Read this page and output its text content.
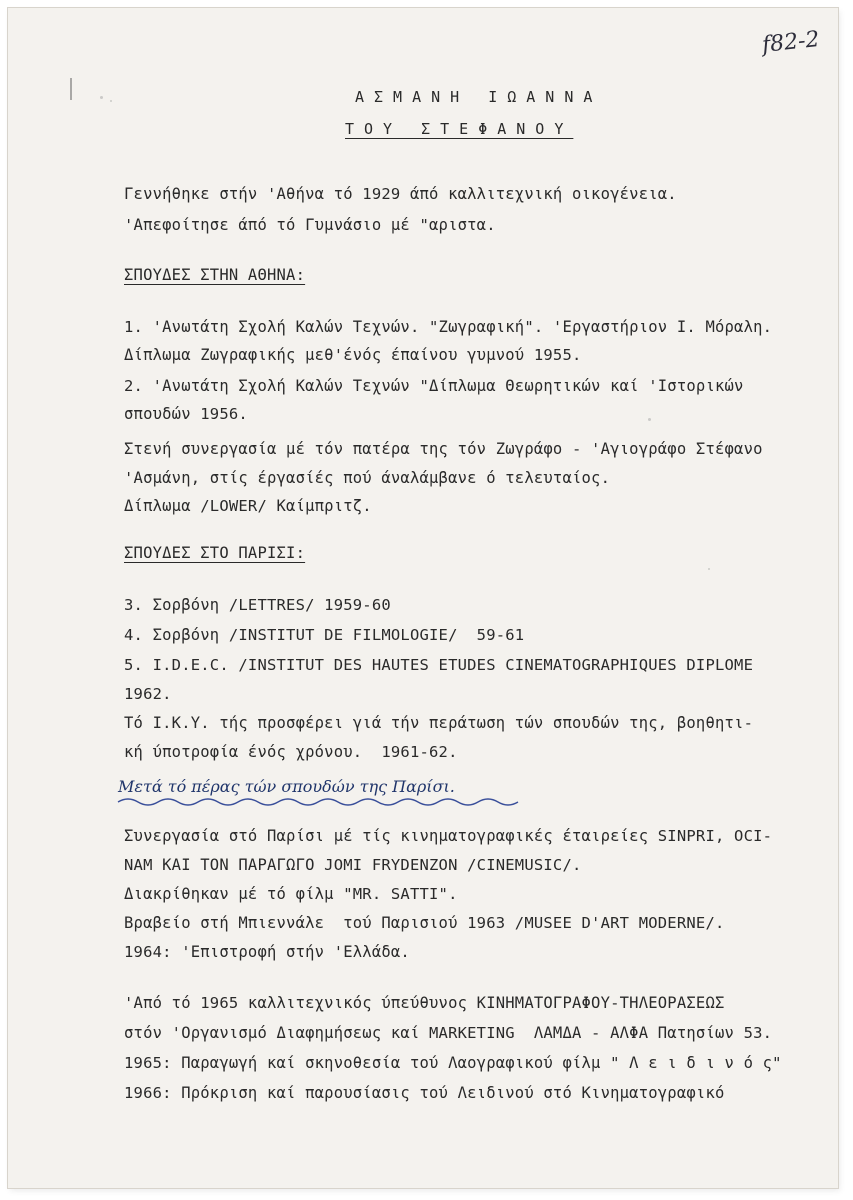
f82-2
ΑΣΜΑΝΗ ΙΩΑΝΝΑ
ΤΟΥ ΣΤΕΦΑΝΟΥ
Γεννήθηκε στήν 'Αθήνα τό 1929 άπό καλλιτεχνική οικογένεια.
'Απεφοίτησε άπό τό Γυμνάσιο μέ "αριστα.
ΣΠΟΥΔΕΣ ΣΤΗΝ ΑΘΗΝΑ:
1. 'Ανωτάτη Σχολή Καλών Τεχνών. "Ζωγραφική". 'Εργαστήριον Ι. Μόραλη.
Δίπλωμα Ζωγραφικής μεθ'ένός έπαίνου γυμνού 1955.
2. 'Ανωτάτη Σχολή Καλών Τεχνών "Δίπλωμα Θεωρητικών καί 'Ιστορικών
σπουδών 1956.
Στενή συνεργασία μέ τόν πατέρα της τόν Ζωγράφο - 'Αγιογράφο Στέφανο
'Ασμάνη, στίς έργασίές πού άναλάμβανε ό τελευταίος.
Δίπλωμα /LOWER/ Καίμπριτζ.
ΣΠΟΥΔΕΣ ΣΤΟ ΠΑΡΙΣΙ:
3. Σορβόνη /LETTRES/ 1959-60
4. Σορβόνη /INSTITUT DE FILMOLOGIE/  59-61
5. I.D.E.C. /INSTITUT DES HAUTES ETUDES CINEMATOGRAPHIQUES DIPLOME
1962.
Τό Ι.Κ.Υ. τής προσφέρει γιά τήν περάτωση τών σπουδών της, βοηθητι-
κή ύποτροφία ένός χρόνου.  1961-62.
Μετά τό πέρας τών σπουδών της Παρίσι.
Συνεργασία στό Παρίσι μέ τίς κινηματογραφικές έταιρείες SINPRI, OCI-
NAM ΚΑΙ ΤΟΝ ΠΑΡΑΓΩΓΟ JOMI FRYDENZON /CINEMUSIC/.
Διακρίθηκαν μέ τό φίλμ "MR. SATTI".
Βραβείο στή Μπιεννάλε  τού Παρισιού 1963 /MUSEE D'ART MODERNE/.
1964: 'Επιστροφή στήν 'Ελλάδα.
'Από τό 1965 καλλιτεχνικός ύπεύθυνος ΚΙΝΗΜΑΤΟΓΡΑΦΟΥ-ΤΗΛΕΟΡΑΣΕΩΣ
στόν 'Οργανισμό Διαφημήσεως καί MARKETING  ΛΑΜΔΑ - ΑΛΦΑ Πατησίων 53.
1965: Παραγωγή καί σκηνοθεσία τού Λαογραφικού φίλμ " Λ ε ι δ ι ν ό ς"
1966: Πρόκριση καί παρουσίασις τού Λειδινού στό Κινηματογραφικό
